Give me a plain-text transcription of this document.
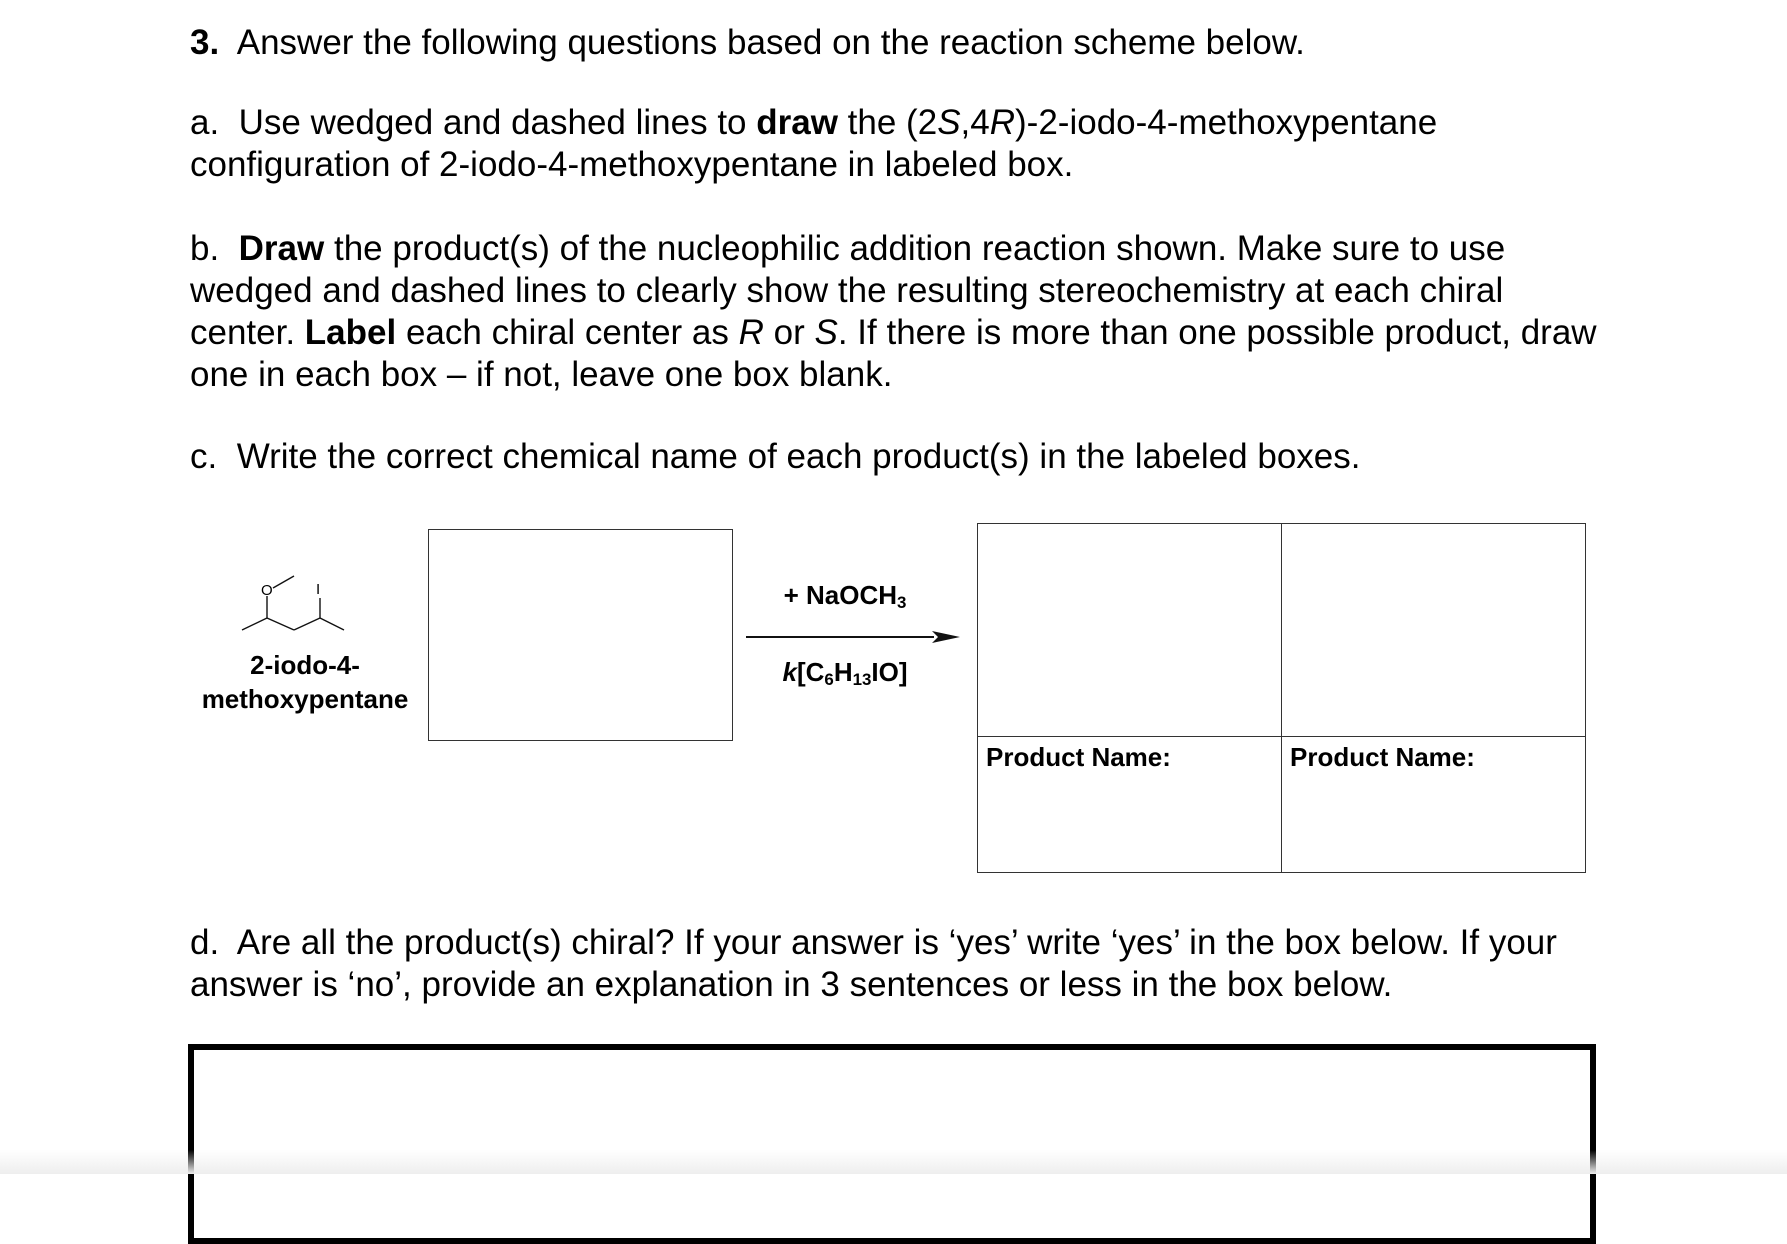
3. Answer the following questions based on the reaction scheme below.

a. Use wedged and dashed lines to draw the (2S,4R)-2-iodo-4-methoxypentane configuration of 2-iodo-4-methoxypentane in labeled box.

b. Draw the product(s) of the nucleophilic addition reaction shown. Make sure to use wedged and dashed lines to clearly show the resulting stereochemistry at each chiral center. Label each chiral center as R or S. If there is more than one possible product, draw one in each box – if not, leave one box blank.

c. Write the correct chemical name of each product(s) in the labeled boxes.

O	I
2-iodo-4-
methoxypentane
+ NaOCH$_3$
$k[C_6H_{13}IO]$
Product Name:	Product Name:

d. Are all the product(s) chiral? If your answer is ‘yes’ write ‘yes’ in the box below. If your answer is ‘no’, provide an explanation in 3 sentences or less in the box below.
